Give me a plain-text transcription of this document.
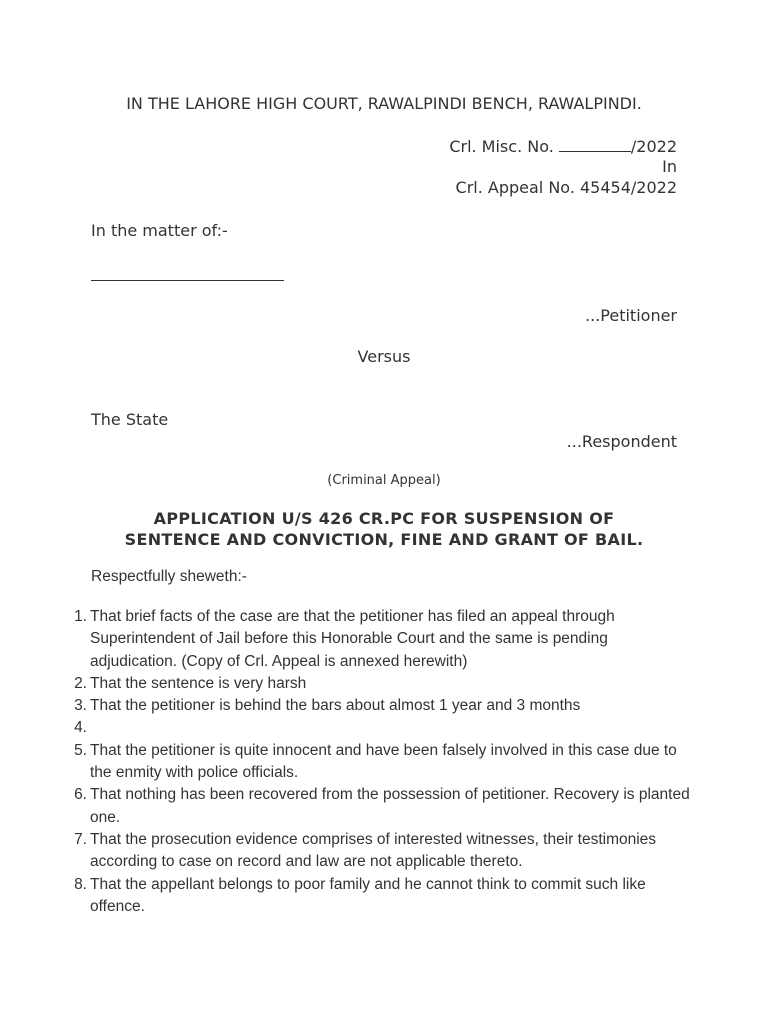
IN THE LAHORE HIGH COURT, RAWALPINDI BENCH, RAWALPINDI.
Crl. Misc. No.	/2022
In
Crl. Appeal No. 45454/2022
In the matter of:-
...Petitioner
Versus
The State
...Respondent
(Criminal Appeal)
APPLICATION U/S 426 CR.PC FOR SUSPENSION OF
SENTENCE AND CONVICTION, FINE AND GRANT OF BAIL.
Respectfully sheweth:-
1. That brief facts of the case are that the petitioner has filed an appeal through Superintendent of Jail before this Honorable Court and the same is pending adjudication. (Copy of Crl. Appeal is annexed herewith)
2. That the sentence is very harsh
3. That the petitioner is behind the bars about almost 1 year and 3 months
4.
5. That the petitioner is quite innocent and have been falsely involved in this case due to the enmity with police officials.
6. That nothing has been recovered from the possession of petitioner. Recovery is planted one.
7. That the prosecution evidence comprises of interested witnesses, their testimonies according to case on record and law are not applicable thereto.
8. That the appellant belongs to poor family and he cannot think to commit such like offence.
